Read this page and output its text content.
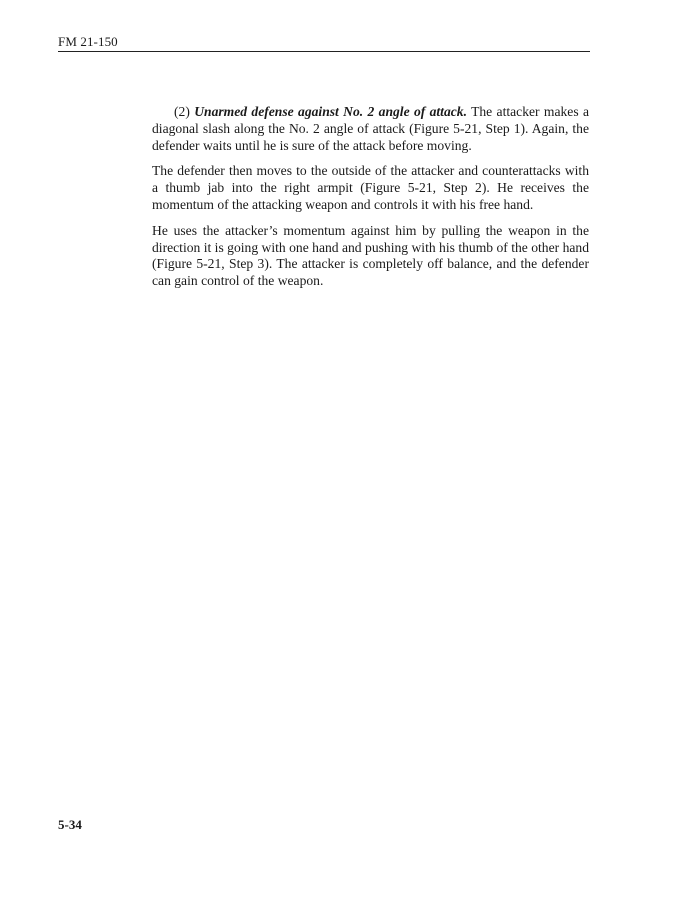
FM 21-150

(2) Unarmed defense against No. 2 angle of attack. The attacker makes a diagonal slash along the No. 2 angle of attack (Figure 5-21, Step 1). Again, the defender waits until he is sure of the attack before moving.

The defender then moves to the outside of the attacker and counterattacks with a thumb jab into the right armpit (Figure 5-21, Step 2). He receives the momentum of the attacking weapon and controls it with his free hand.

He uses the attacker’s momentum against him by pulling the weapon in the direction it is going with one hand and pushing with his thumb of the other hand (Figure 5-21, Step 3). The attacker is completely off balance, and the defender can gain control of the weapon.

5-34
